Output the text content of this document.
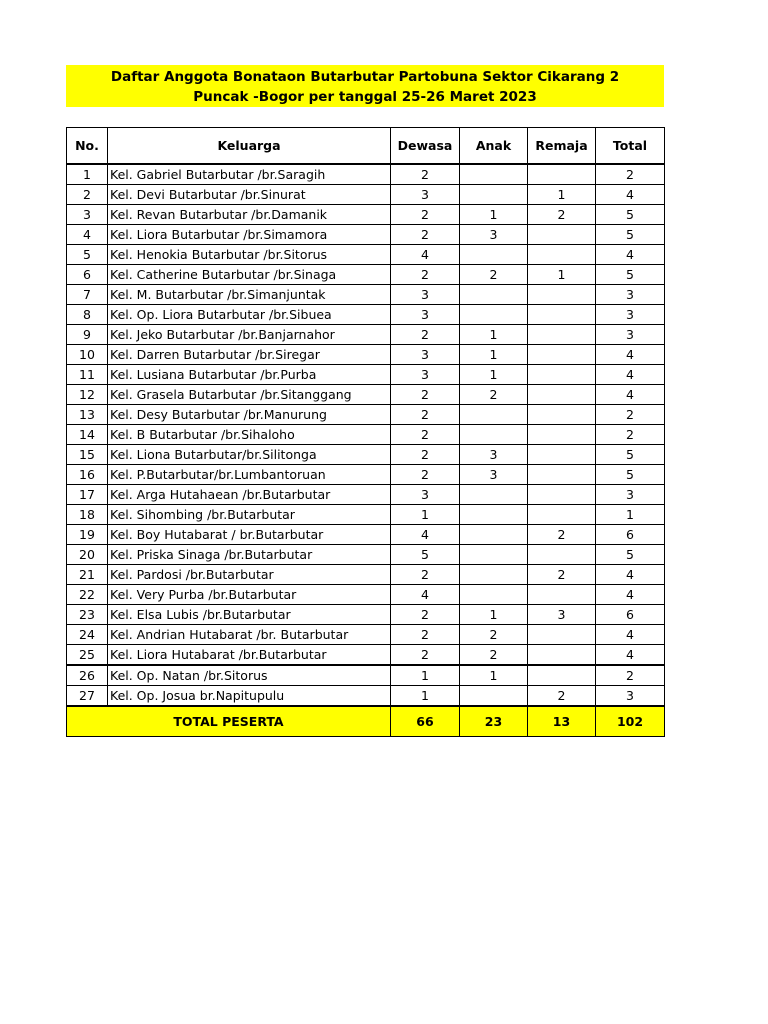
Daftar Anggota Bonataon Butarbutar Partobuna Sektor Cikarang 2
Puncak -Bogor per tanggal 25-26 Maret 2023
No.	Keluarga	Dewasa	Anak	Remaja	Total
1	Kel. Gabriel Butarbutar /br.Saragih	2			2
2	Kel. Devi Butarbutar /br.Sinurat	3		1	4
3	Kel. Revan Butarbutar /br.Damanik	2	1	2	5
4	Kel. Liora Butarbutar /br.Simamora	2	3		5
5	Kel. Henokia Butarbutar /br.Sitorus	4			4
6	Kel. Catherine Butarbutar /br.Sinaga	2	2	1	5
7	Kel. M. Butarbutar /br.Simanjuntak	3			3
8	Kel. Op. Liora Butarbutar /br.Sibuea	3			3
9	Kel. Jeko Butarbutar /br.Banjarnahor	2	1		3
10	Kel. Darren Butarbutar /br.Siregar	3	1		4
11	Kel. Lusiana Butarbutar /br.Purba	3	1		4
12	Kel. Grasela Butarbutar /br.Sitanggang	2	2		4
13	Kel. Desy Butarbutar /br.Manurung	2			2
14	Kel. B Butarbutar /br.Sihaloho	2			2
15	Kel. Liona Butarbutar/br.Silitonga	2	3		5
16	Kel. P.Butarbutar/br.Lumbantoruan	2	3		5
17	Kel. Arga Hutahaean /br.Butarbutar	3			3
18	Kel. Sihombing /br.Butarbutar	1			1
19	Kel. Boy Hutabarat / br.Butarbutar	4		2	6
20	Kel. Priska Sinaga /br.Butarbutar	5			5
21	Kel. Pardosi /br.Butarbutar	2		2	4
22	Kel. Very Purba /br.Butarbutar	4			4
23	Kel. Elsa Lubis /br.Butarbutar	2	1	3	6
24	Kel. Andrian Hutabarat /br. Butarbutar	2	2		4
25	Kel. Liora Hutabarat /br.Butarbutar	2	2		4
26	Kel. Op. Natan /br.Sitorus	1	1		2
27	Kel. Op. Josua br.Napitupulu	1		2	3
TOTAL PESERTA		66	23	13	102
